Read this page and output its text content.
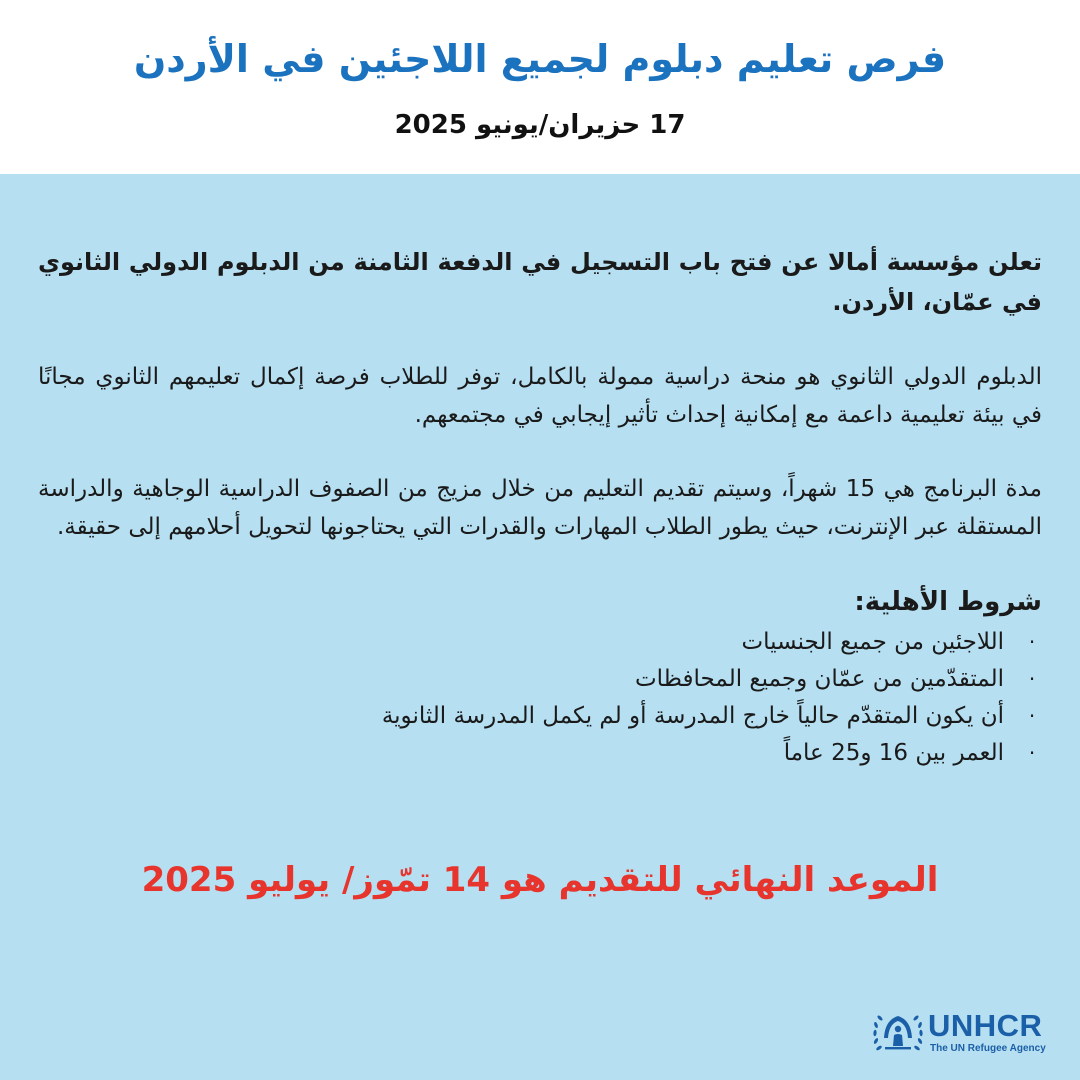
فرص تعليم دبلوم لجميع اللاجئين في الأردن
17 حزيران/يونيو 2025

تعلن مؤسسة أمالا عن فتح باب التسجيل في الدفعة الثامنة من الدبلوم الدولي الثانوي في عمّان، الأردن.

الدبلوم الدولي الثانوي هو منحة دراسية ممولة بالكامل، توفر للطلاب فرصة إكمال تعليمهم الثانوي مجانًا في بيئة تعليمية داعمة مع إمكانية إحداث تأثير إيجابي في مجتمعهم.

مدة البرنامج هي 15 شهراً، وسيتم تقديم التعليم من خلال مزيج من الصفوف الدراسية الوجاهية والدراسة المستقلة عبر الإنترنت، حيث يطور الطلاب المهارات والقدرات التي يحتاجونها لتحويل أحلامهم إلى حقيقة.

شروط الأهلية:
·
اللاجئين من جميع الجنسيات
·
المتقدّمين من عمّان وجميع المحافظات
·
أن يكون المتقدّم حالياً خارج المدرسة أو لم يكمل المدرسة الثانوية
·
العمر بين 16 و25 عاماً
الموعد النهائي للتقديم هو 14 تمّوز/ يوليو 2025
UNHCR
The UN Refugee Agency
